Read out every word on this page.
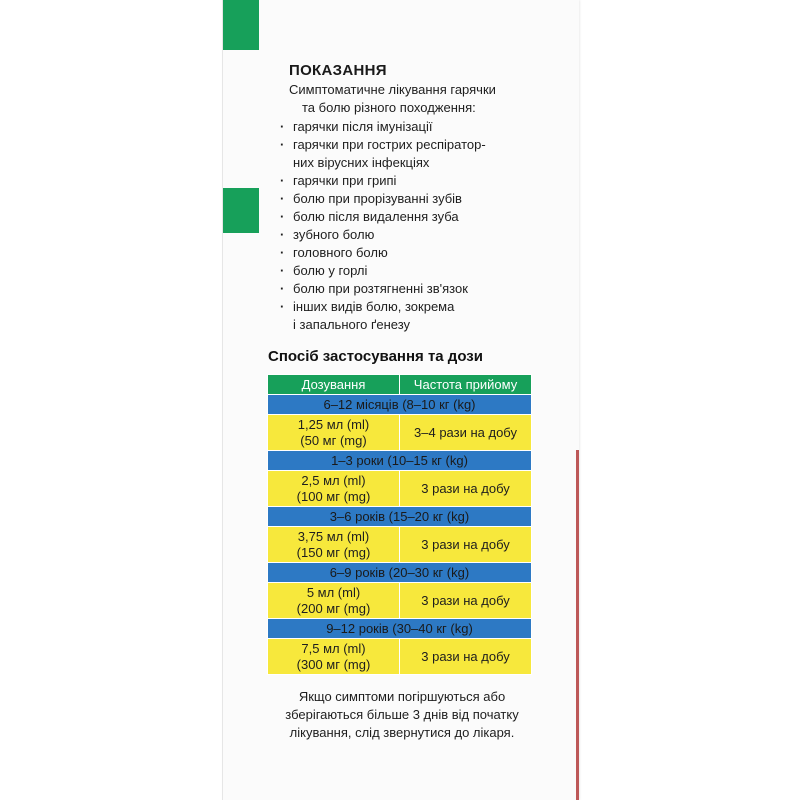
ПОКАЗАННЯ
Симптоматичне лікування гарячки
та болю різного походження:
· гарячки після імунізації
· гарячки при гострих респіратор-
них вірусних інфекціях
· гарячки при грипі
· болю при прорізуванні зубів
· болю після видалення зуба
· зубного болю
· головного болю
· болю у горлі
· болю при розтягненні зв'язок
· інших видів болю, зокрема
і запального ґенезу
Спосіб застосування та дози
Дозування	Частота прийому
6–12 місяців (8–10 кг (kg)	

1,25 мл (ml)
(50 мг (mg)	3–4 рази на добу
1–3 роки (10–15 кг (kg)	

2,5 мл (ml)
(100 мг (mg)	3 рази на добу
3–6 років (15–20 кг (kg)	

3,75 мл (ml)
(150 мг (mg)	3 рази на добу
6–9 років (20–30 кг (kg)	

5 мл (ml)
(200 мг (mg)	3 рази на добу
9–12 років (30–40 кг (kg)	

7,5 мл (ml)
(300 мг (mg)	3 рази на добу
Якщо симптоми погіршуються або
зберігаються більше 3 днів від початку
лікування, слід звернутися до лікаря.
